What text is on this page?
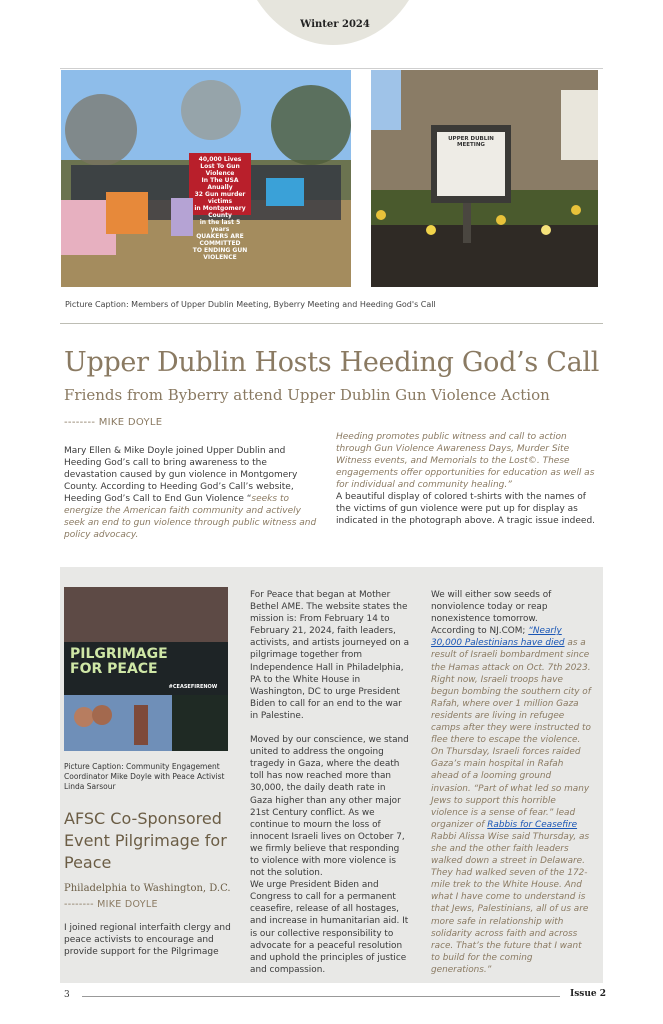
Winter 2024
40,000 Lives
Lost To Gun Violence
In The USA Anually
32 Gun murder victims
in Montgomery County
in the last 5 years
QUAKERS ARE COMMITTED
TO ENDING GUN VIOLENCE
UPPER DUBLIN MEETING
Picture Caption: Members of Upper Dublin Meeting, Byberry Meeting and Heeding God's Call
Upper Dublin Hosts Heeding God’s Call
Friends from Byberry attend Upper Dublin Gun Violence Action
-------- MIKE DOYLE
Mary Ellen & Mike Doyle joined Upper Dublin and Heeding God’s call to bring awareness to the devastation caused by gun violence in Montgomery County. According to Heeding God’s Call’s website, Heeding God’s Call to End Gun Violence “seeks to energize the American faith community and actively seek an end to gun violence through public witness and policy advocacy.
Heeding promotes public witness and call to action through Gun Violence Awareness Days, Murder Site Witness events, and Memorials to the Lost©. These engagements offer opportunities for education as well as for individual and community healing.”
A beautiful display of colored t-shirts with the names of the victims of gun violence were put up for display as indicated in the photograph above. A tragic issue indeed.
PILGRIMAGE FOR PEACE
#CEASEFIRENOW
Picture Caption: Community Engagement Coordinator Mike Doyle with Peace Activist Linda Sarsour
AFSC Co-Sponsored Event Pilgrimage for Peace
Philadelphia to Washington, D.C.
-------- MIKE DOYLE
I joined regional interfaith clergy and peace activists to encourage and provide support for the Pilgrimage
For Peace that began at Mother Bethel AME. The website states the mission is: From February 14 to February 21, 2024, faith leaders, activists, and artists journeyed on a pilgrimage together from Independence Hall in Philadelphia, PA to the White House in Washington, DC to urge President Biden to call for an end to the war in Palestine.
Moved by our conscience, we stand united to address the ongoing tragedy in Gaza, where the death toll has now reached more than 30,000, the daily death rate in Gaza higher than any other major 21st Century conflict. As we continue to mourn the loss of innocent Israeli lives on October 7, we firmly believe that responding to violence with more violence is not the solution.
We urge President Biden and Congress to call for a permanent ceasefire, release of all hostages, and increase in humanitarian aid. It is our collective responsibility to advocate for a peaceful resolution and uphold the principles of justice and compassion.
We will either sow seeds of nonviolence today or reap nonexistence tomorrow.
According to NJ.COM; “Nearly 30,000 Palestinians have died as a result of Israeli bombardment since the Hamas attack on Oct. 7th 2023. Right now, Israeli troops have begun bombing the southern city of Rafah, where over 1 million Gaza residents are living in refugee camps after they were instructed to flee there to escape the violence. On Thursday, Israeli forces raided Gaza’s main hospital in Rafah ahead of a looming ground invasion. “Part of what led so many Jews to support this horrible violence is a sense of fear.” lead organizer of Rabbis for Ceasefire Rabbi Alissa Wise said Thursday, as she and the other faith leaders walked down a street in Delaware. They had walked seven of the 172-mile trek to the White House. And what I have come to understand is that Jews, Palestinians, all of us are more safe in relationship with solidarity across faith and across race. That’s the future that I want to build for the coming generations.”
3	Issue 2
